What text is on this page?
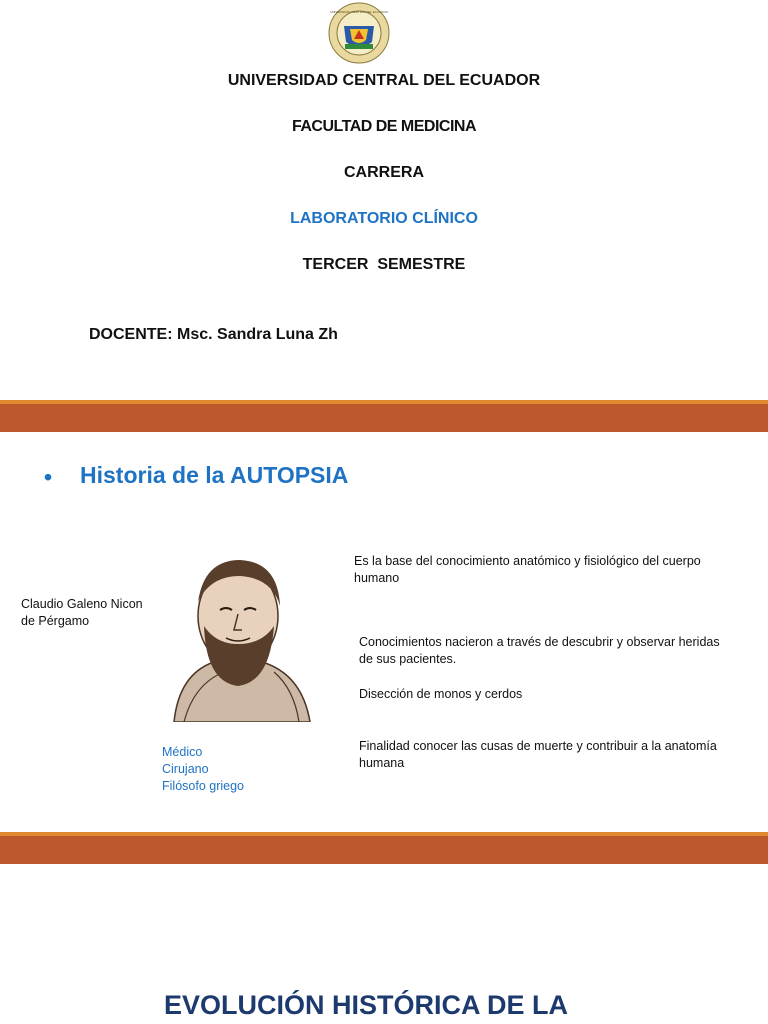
UNIVERSIDAD CENTRAL DEL ECUADOR
UNIVERSIDAD CENTRAL DEL ECUADOR
FACULTAD DE MEDICINA
CARRERA
LABORATORIO CLÍNICO
TERCER  SEMESTRE
DOCENTE: Msc. Sandra Luna Zh
• Historia de la AUTOPSIA
Claudio Galeno Nicon
de Pérgamo
Médico
Cirujano
Filósofo griego
Es la base del conocimiento anatómico y fisiológico del cuerpo humano
Conocimientos nacieron a través de descubrir y observar heridas de sus pacientes.
Disección de monos y cerdos
Finalidad conocer las cusas de muerte y contribuir a la anatomía humana
EVOLUCIÓN HISTÓRICA DE LA
